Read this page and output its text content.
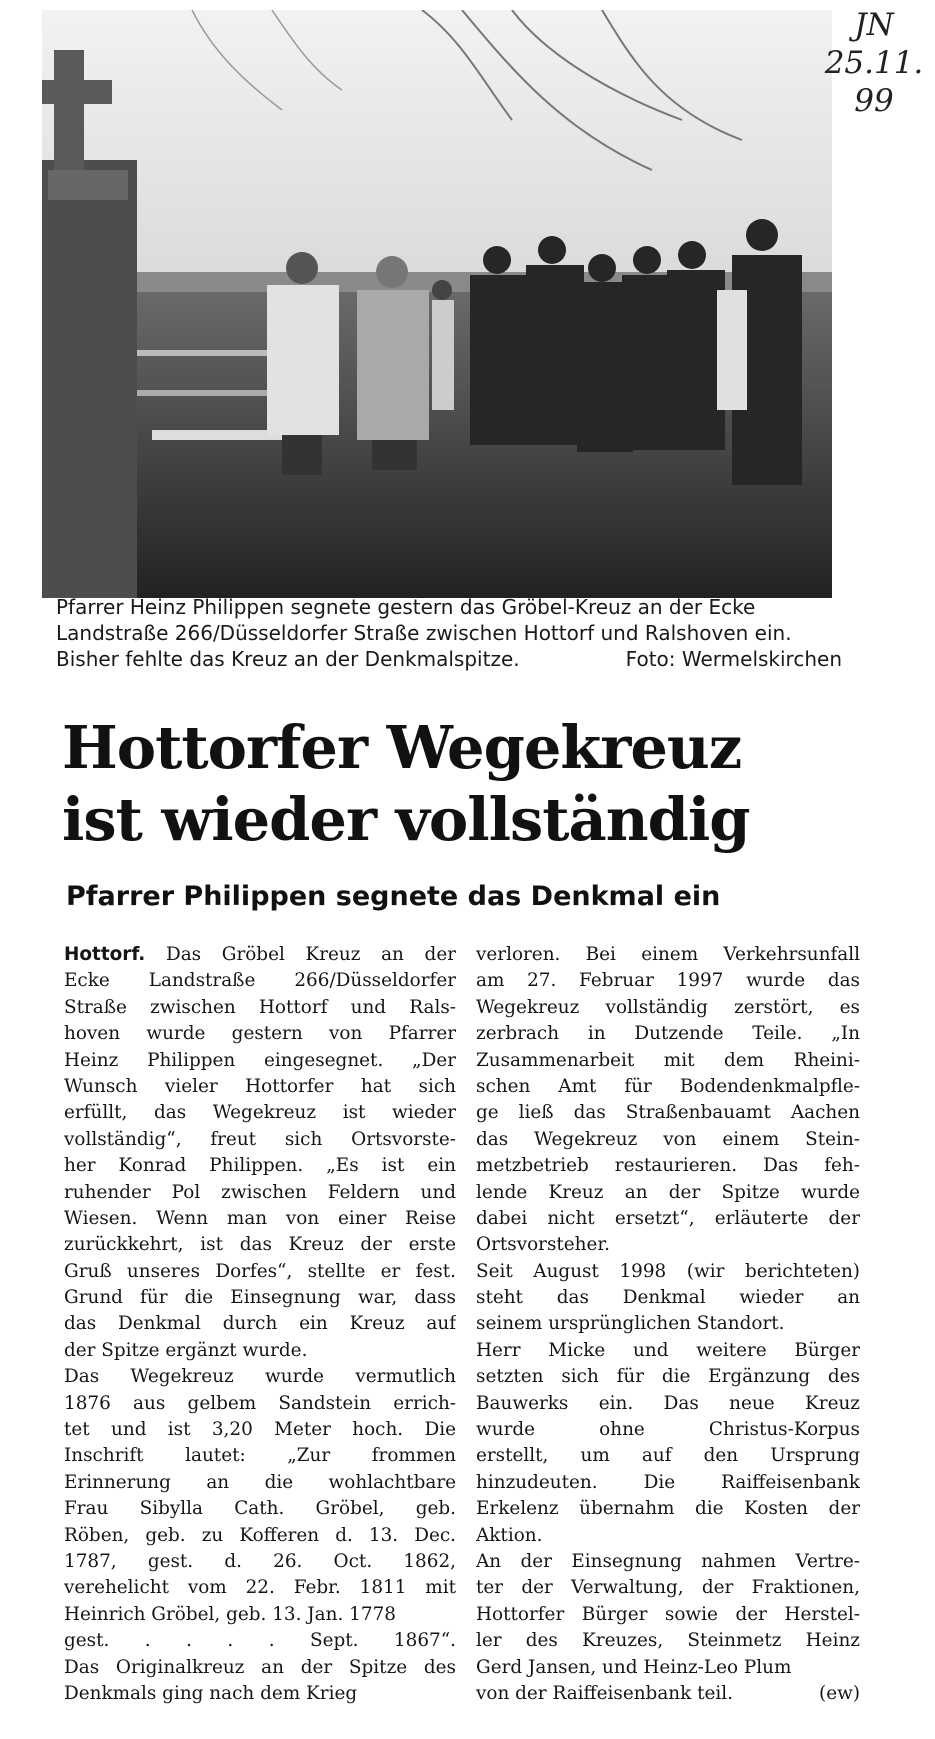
JN
25.11.
99
Pfarrer Heinz Philippen segnete gestern das Gröbel-Kreuz an der Ecke
Landstraße 266/Düsseldorfer Straße zwischen Hottorf und Ralshoven ein.
Bisher fehlte das Kreuz an der Denkmalspitze.	Foto: Wermelskirchen
Hottorfer Wegekreuz
ist wieder vollständig
Pfarrer Philippen segnete das Denkmal ein
Hottorf. Das Gröbel Kreuz an der
Ecke Landstraße 266/Düsseldorfer
Straße zwischen Hottorf und Rals-
hoven wurde gestern von Pfarrer
Heinz Philippen eingesegnet. „Der
Wunsch vieler Hottorfer hat sich
erfüllt, das Wegekreuz ist wieder
vollständig“, freut sich Ortsvorste-
her Konrad Philippen. „Es ist ein
ruhender Pol zwischen Feldern und
Wiesen. Wenn man von einer Reise
zurückkehrt, ist das Kreuz der erste
Gruß unseres Dorfes“, stellte er fest.
Grund für die Einsegnung war, dass
das Denkmal durch ein Kreuz auf
der Spitze ergänzt wurde.
Das Wegekreuz wurde vermutlich
1876 aus gelbem Sandstein errich-
tet und ist 3,20 Meter hoch. Die
Inschrift lautet: „Zur frommen
Erinnerung an die wohlachtbare
Frau Sibylla Cath. Gröbel, geb.
Röben, geb. zu Kofferen d. 13. Dec.
1787, gest. d. 26. Oct. 1862,
verehelicht vom 22. Febr. 1811 mit
Heinrich Gröbel, geb. 13. Jan. 1778
gest. . . . . Sept. 1867“.
Das Originalkreuz an der Spitze des
Denkmals ging nach dem Krieg
verloren. Bei einem Verkehrsunfall
am 27. Februar 1997 wurde das
Wegekreuz vollständig zerstört, es
zerbrach in Dutzende Teile. „In
Zusammenarbeit mit dem Rheini-
schen Amt für Bodendenkmalpfle-
ge ließ das Straßenbauamt Aachen
das Wegekreuz von einem Stein-
metzbetrieb restaurieren. Das feh-
lende Kreuz an der Spitze wurde
dabei nicht ersetzt“, erläuterte der
Ortsvorsteher.
Seit August 1998 (wir berichteten)
steht das Denkmal wieder an
seinem ursprünglichen Standort.
Herr Micke und weitere Bürger
setzten sich für die Ergänzung des
Bauwerks ein. Das neue Kreuz
wurde ohne Christus-Korpus
erstellt, um auf den Ursprung
hinzudeuten. Die Raiffeisenbank
Erkelenz übernahm die Kosten der
Aktion.
An der Einsegnung nahmen Vertre-
ter der Verwaltung, der Fraktionen,
Hottorfer Bürger sowie der Herstel-
ler des Kreuzes, Steinmetz Heinz
Gerd Jansen, und Heinz-Leo Plum
von der Raiffeisenbank teil.	(ew)
